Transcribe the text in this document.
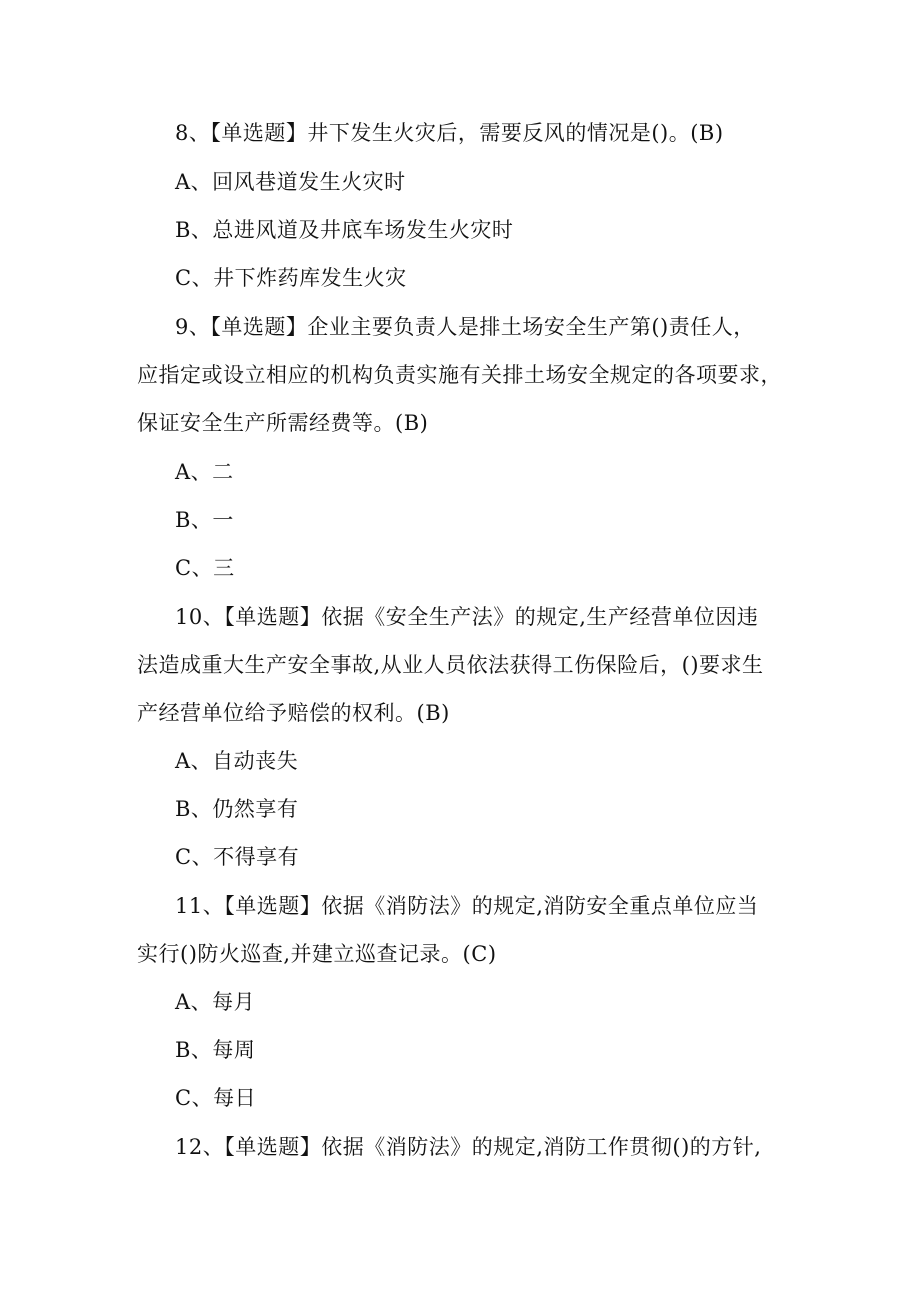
8、【单选题】井下发生火灾后，需要反风的情况是()。(B)
A、回风巷道发生火灾时
B、总进风道及井底车场发生火灾时
C、井下炸药库发生火灾
9、【单选题】企业主要负责人是排土场安全生产第()责任人，
应指定或设立相应的机构负责实施有关排土场安全规定的各项要求，
保证安全生产所需经费等。(B)
A、二
B、一
C、三
10、【单选题】依据《安全生产法》的规定,生产经营单位因违
法造成重大生产安全事故,从业人员依法获得工伤保险后，()要求生
产经营单位给予赔偿的权利。(B)
A、自动丧失
B、仍然享有
C、不得享有
11、【单选题】依据《消防法》的规定,消防安全重点单位应当
实行()防火巡查,并建立巡查记录。(C)
A、每月
B、每周
C、每日
12、【单选题】依据《消防法》的规定,消防工作贯彻()的方针,
